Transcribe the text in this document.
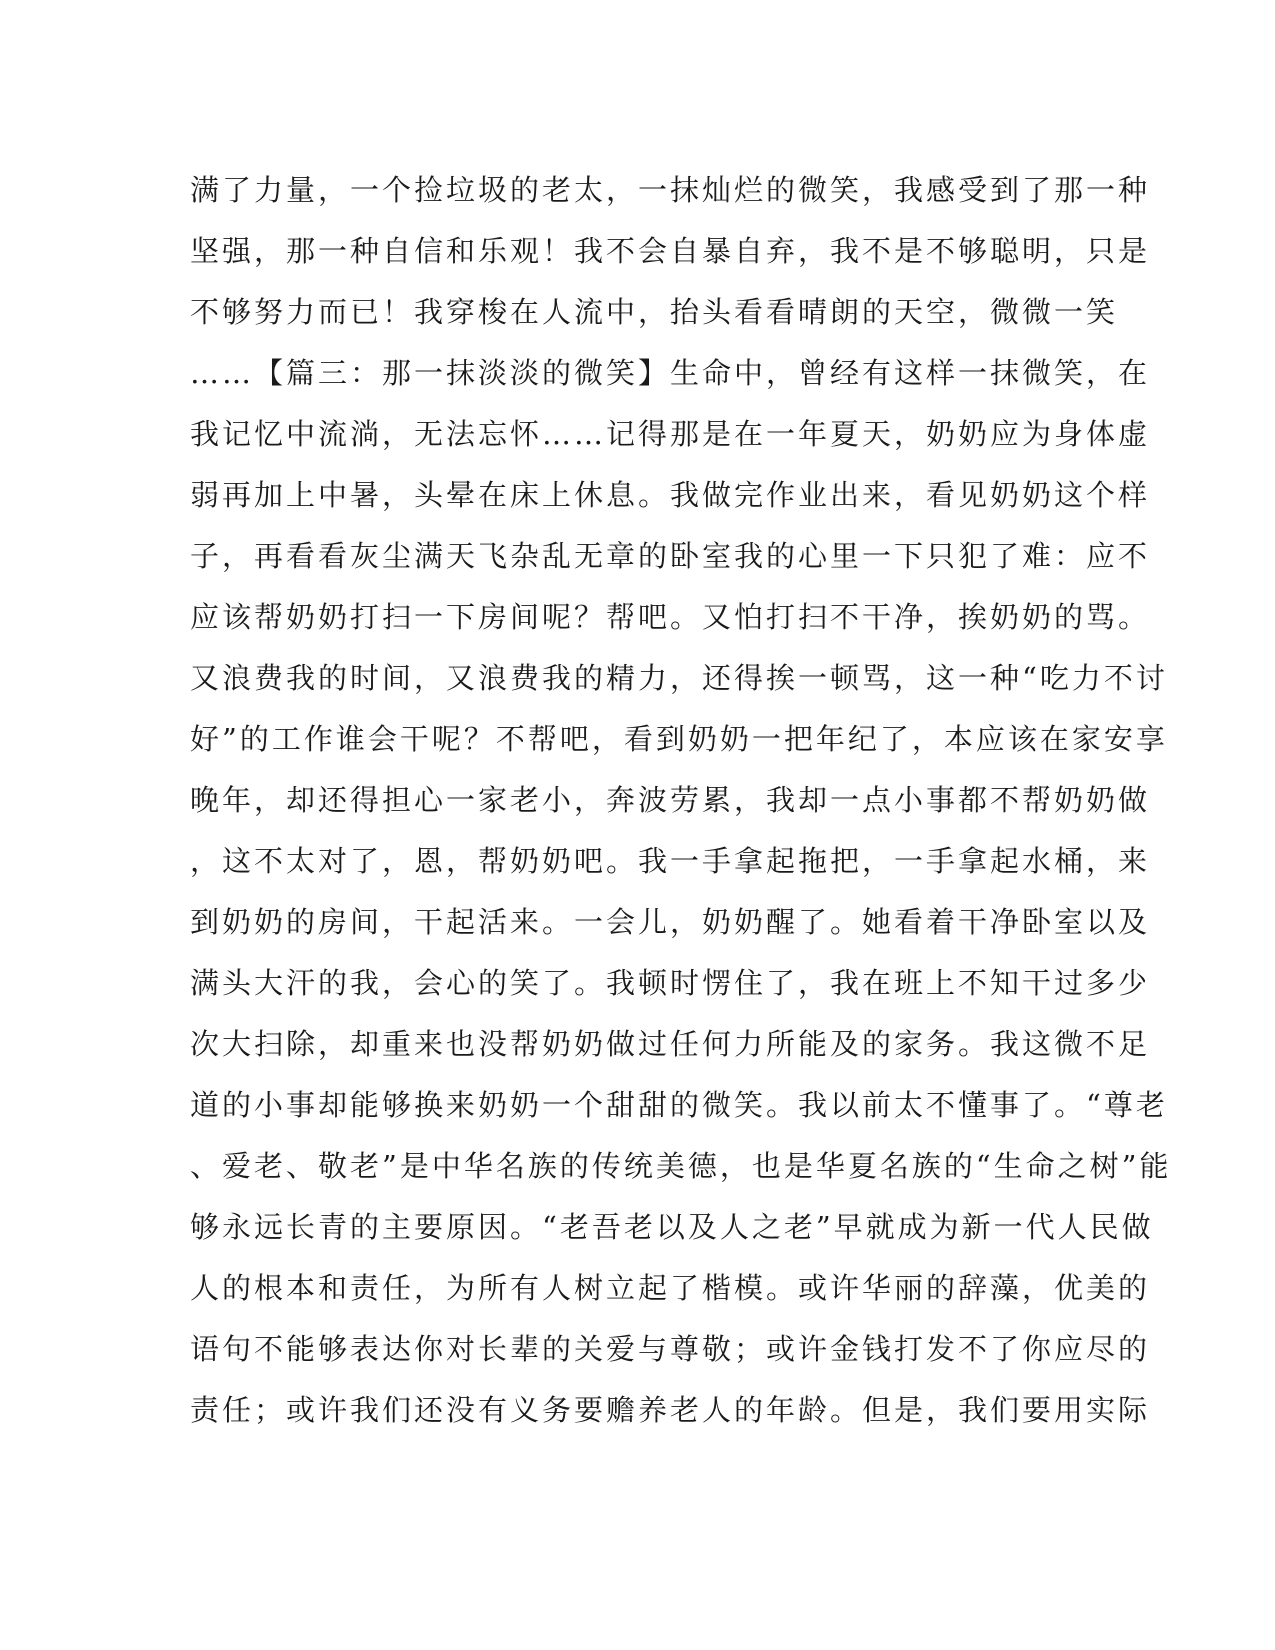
满了力量，一个捡垃圾的老太，一抹灿烂的微笑，我感受到了那一种
坚强，那一种自信和乐观！我不会自暴自弃，我不是不够聪明，只是
不够努力而已！我穿梭在人流中，抬头看看晴朗的天空，微微一笑
……【篇三：那一抹淡淡的微笑】生命中，曾经有这样一抹微笑，在
我记忆中流淌，无法忘怀……记得那是在一年夏天，奶奶应为身体虚
弱再加上中暑，头晕在床上休息。我做完作业出来，看见奶奶这个样
子，再看看灰尘满天飞杂乱无章的卧室我的心里一下只犯了难：应不
应该帮奶奶打扫一下房间呢？帮吧。又怕打扫不干净，挨奶奶的骂。
又浪费我的时间，又浪费我的精力，还得挨一顿骂，这一种“吃力不讨
好”的工作谁会干呢？不帮吧，看到奶奶一把年纪了，本应该在家安享
晚年，却还得担心一家老小，奔波劳累，我却一点小事都不帮奶奶做
，这不太对了，恩，帮奶奶吧。我一手拿起拖把，一手拿起水桶，来
到奶奶的房间，干起活来。一会儿，奶奶醒了。她看着干净卧室以及
满头大汗的我，会心的笑了。我顿时愣住了，我在班上不知干过多少
次大扫除，却重来也没帮奶奶做过任何力所能及的家务。我这微不足
道的小事却能够换来奶奶一个甜甜的微笑。我以前太不懂事了。“尊老
、爱老、敬老”是中华名族的传统美德，也是华夏名族的“生命之树”能
够永远长青的主要原因。“老吾老以及人之老”早就成为新一代人民做
人的根本和责任，为所有人树立起了楷模。或许华丽的辞藻，优美的
语句不能够表达你对长辈的关爱与尊敬；或许金钱打发不了你应尽的
责任；或许我们还没有义务要赡养老人的年龄。但是，我们要用实际
